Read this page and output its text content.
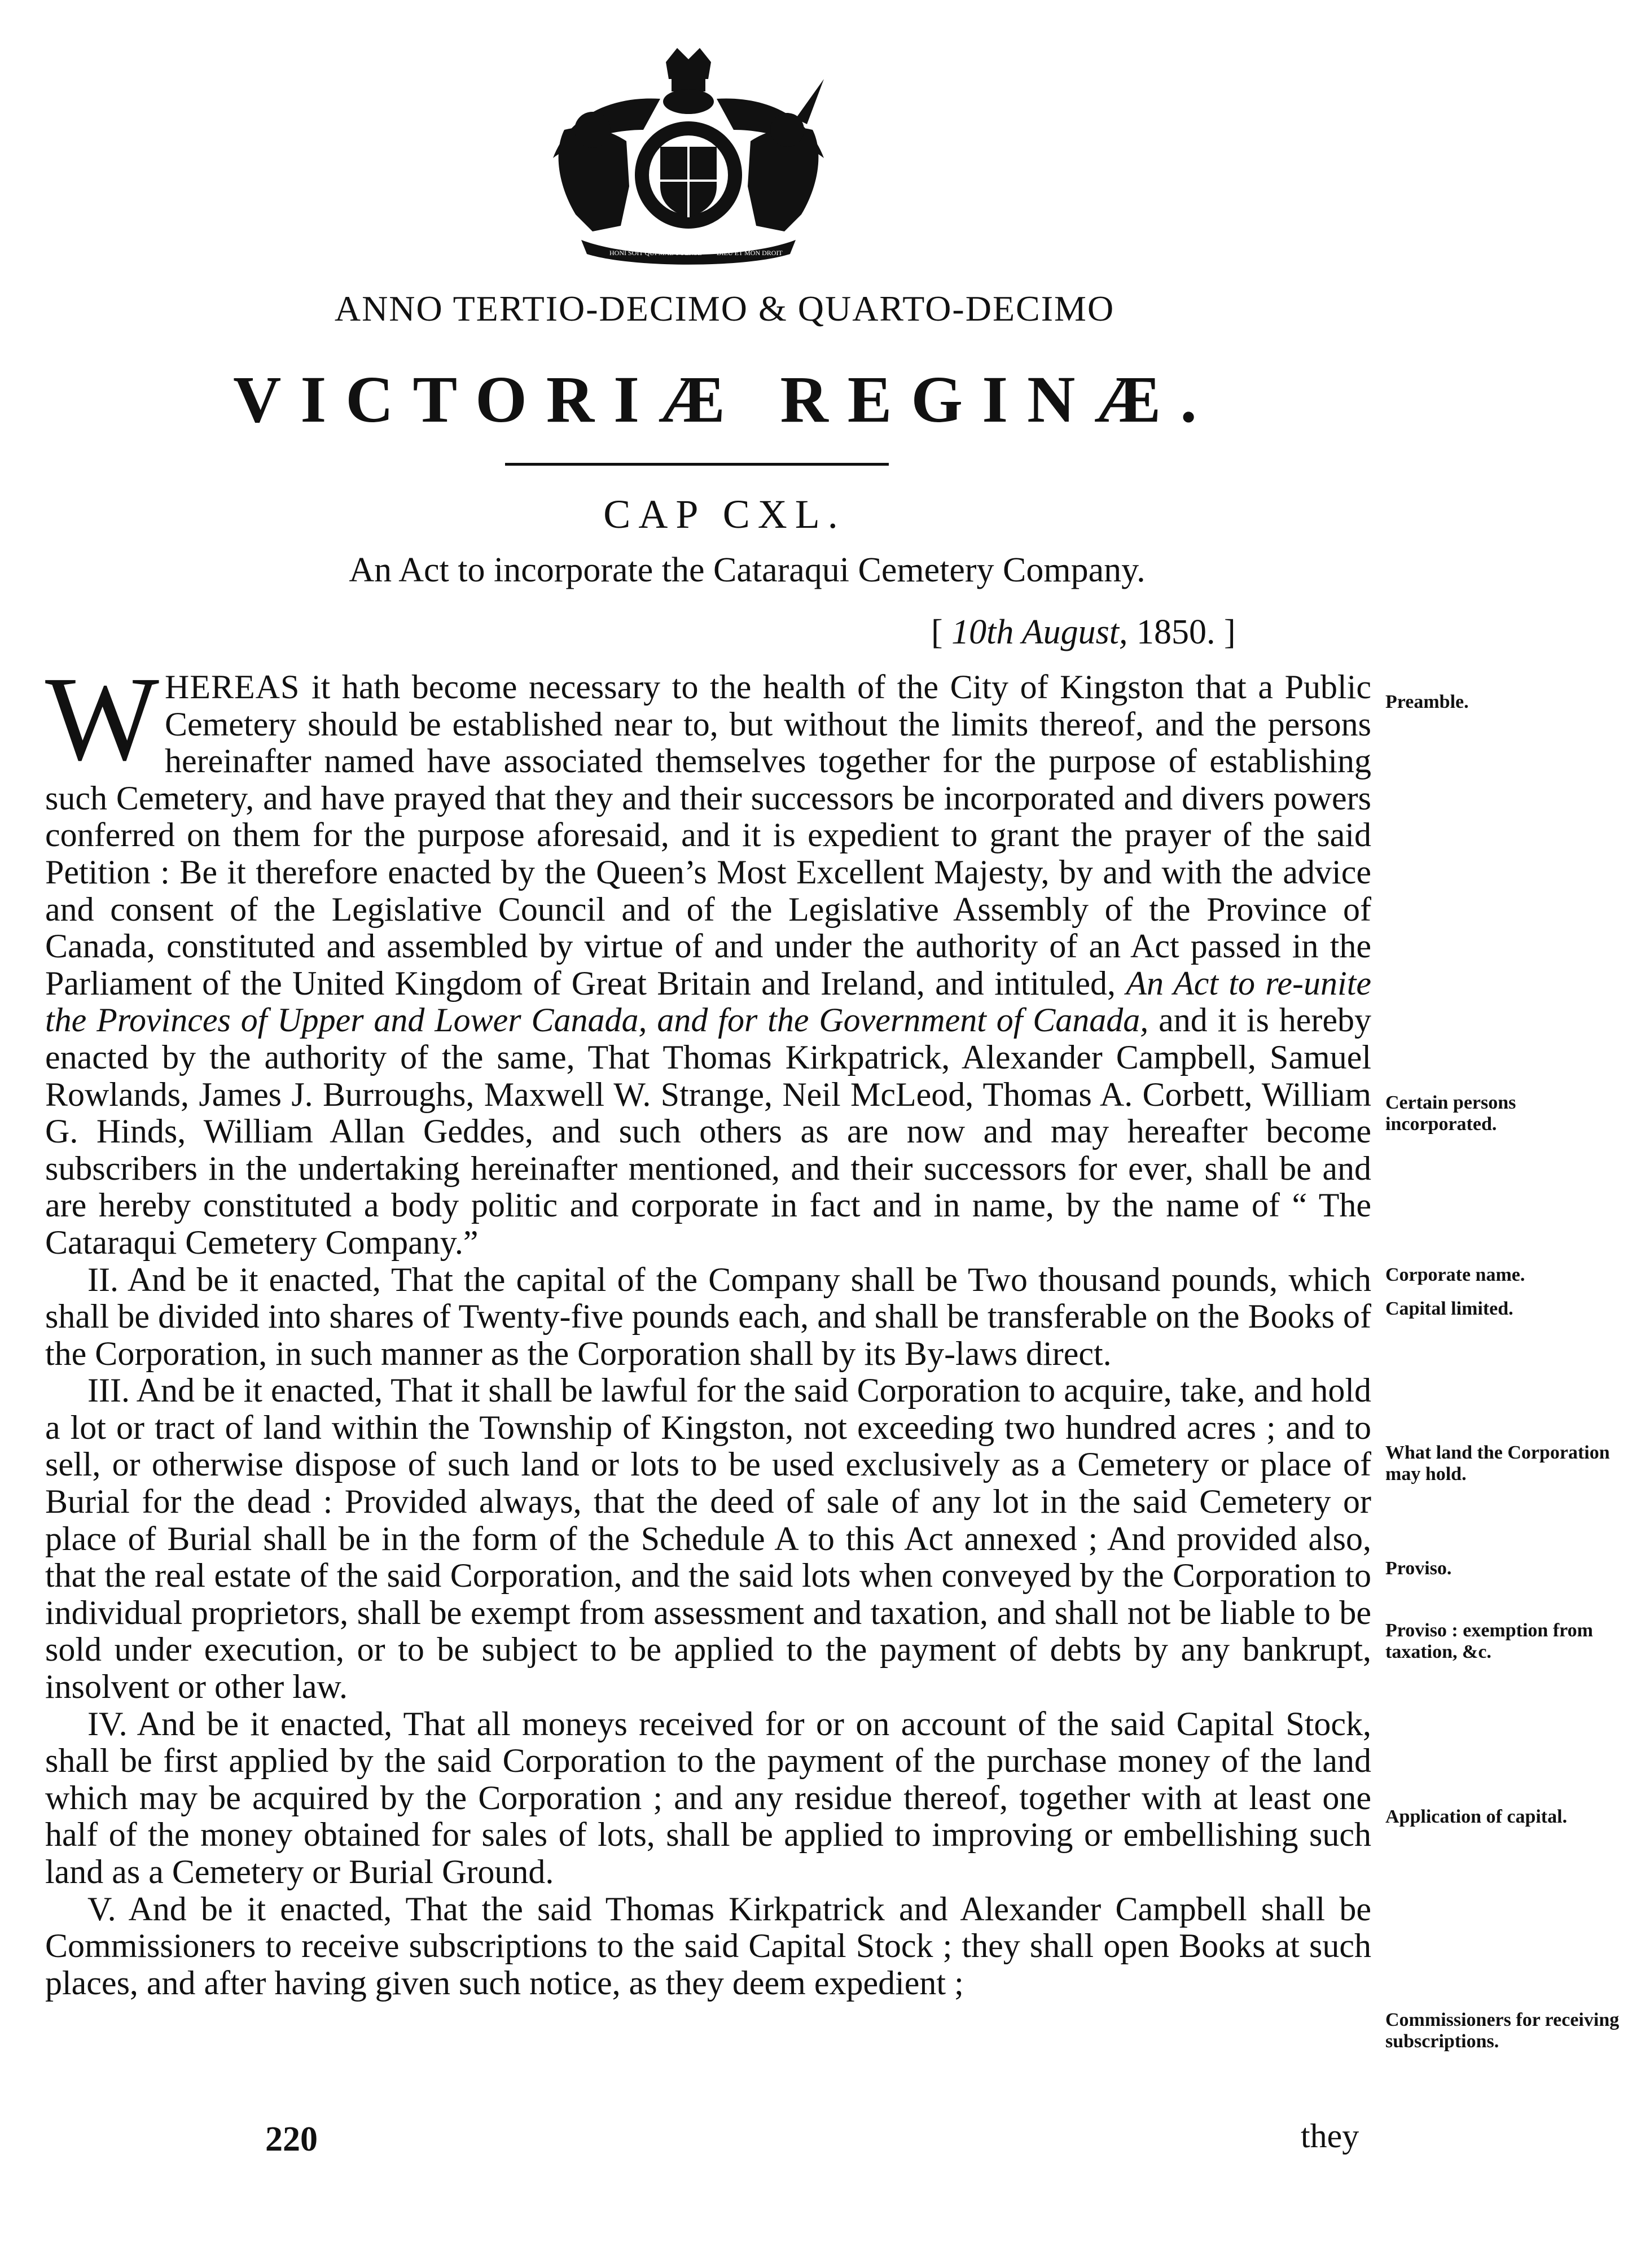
HONI SOIT QUI MAL Y PENSE DIEU ET MON DROIT
ANNO TERTIO-DECIMO & QUARTO-DECIMO
VICTORIÆ REGINÆ.
CAP CXL.
An Act to incorporate the Cataraqui Cemetery Company.
[ 10th August, 1850. ]

WHEREAS it hath become necessary to the health of the City of Kingston that a Public Cemetery should be established near to, but without the limits thereof, and the persons hereinafter named have associated themselves together for the purpose of establishing such Cemetery, and have prayed that they and their successors be incorporated and divers powers conferred on them for the purpose aforesaid, and it is expedient to grant the prayer of the said Petition : Be it therefore enacted by the Queen’s Most Excellent Majesty, by and with the advice and consent of the Legislative Council and of the Legislative Assembly of the Province of Canada, constituted and assembled by virtue of and under the authority of an Act passed in the Parliament of the United Kingdom of Great Britain and Ireland, and intituled, An Act to re-unite the Provinces of Upper and Lower Canada, and for the Government of Canada, and it is hereby enacted by the authority of the same, That Thomas Kirkpatrick, Alexander Campbell, Samuel Rowlands, James J. Burroughs, Maxwell W. Strange, Neil McLeod, Thomas A. Corbett, William G. Hinds, William Allan Geddes, and such others as are now and may hereafter become subscribers in the undertaking hereinafter mentioned, and their successors for ever, shall be and are hereby constituted a body politic and corporate in fact and in name, by the name of “ The Cataraqui Cemetery Company.”

II. And be it enacted, That the capital of the Company shall be Two thousand pounds, which shall be divided into shares of Twenty-five pounds each, and shall be transferable on the Books of the Corporation, in such manner as the Corporation shall by its By-laws direct.

III. And be it enacted, That it shall be lawful for the said Corporation to acquire, take, and hold a lot or tract of land within the Township of Kingston, not exceeding two hundred acres ; and to sell, or otherwise dispose of such land or lots to be used exclusively as a Cemetery or place of Burial for the dead : Provided always, that the deed of sale of any lot in the said Cemetery or place of Burial shall be in the form of the Schedule A to this Act annexed ; And provided also, that the real estate of the said Corporation, and the said lots when conveyed by the Corporation to individual proprietors, shall be exempt from assessment and taxation, and shall not be liable to be sold under execution, or to be subject to be applied to the payment of debts by any bankrupt, insolvent or other law.

IV. And be it enacted, That all moneys received for or on account of the said Capital Stock, shall be first applied by the said Corporation to the payment of the purchase money of the land which may be acquired by the Corporation ; and any residue thereof, together with at least one half of the money obtained for sales of lots, shall be applied to improving or embellishing such land as a Cemetery or Burial Ground.

V. And be it enacted, That the said Thomas Kirkpatrick and Alexander Campbell shall be Commissioners to receive subscriptions to the said Capital Stock ; they shall open Books at such places, and after having given such notice, as they deem expedient ;

Preamble.
Certain persons incorporated.
Corporate name.
Capital limited.
What land the Corporation may hold.
Proviso.
Proviso : exemption from taxation, &c.
Application of capital.
Commissioners for receiving subscriptions.
220	they
